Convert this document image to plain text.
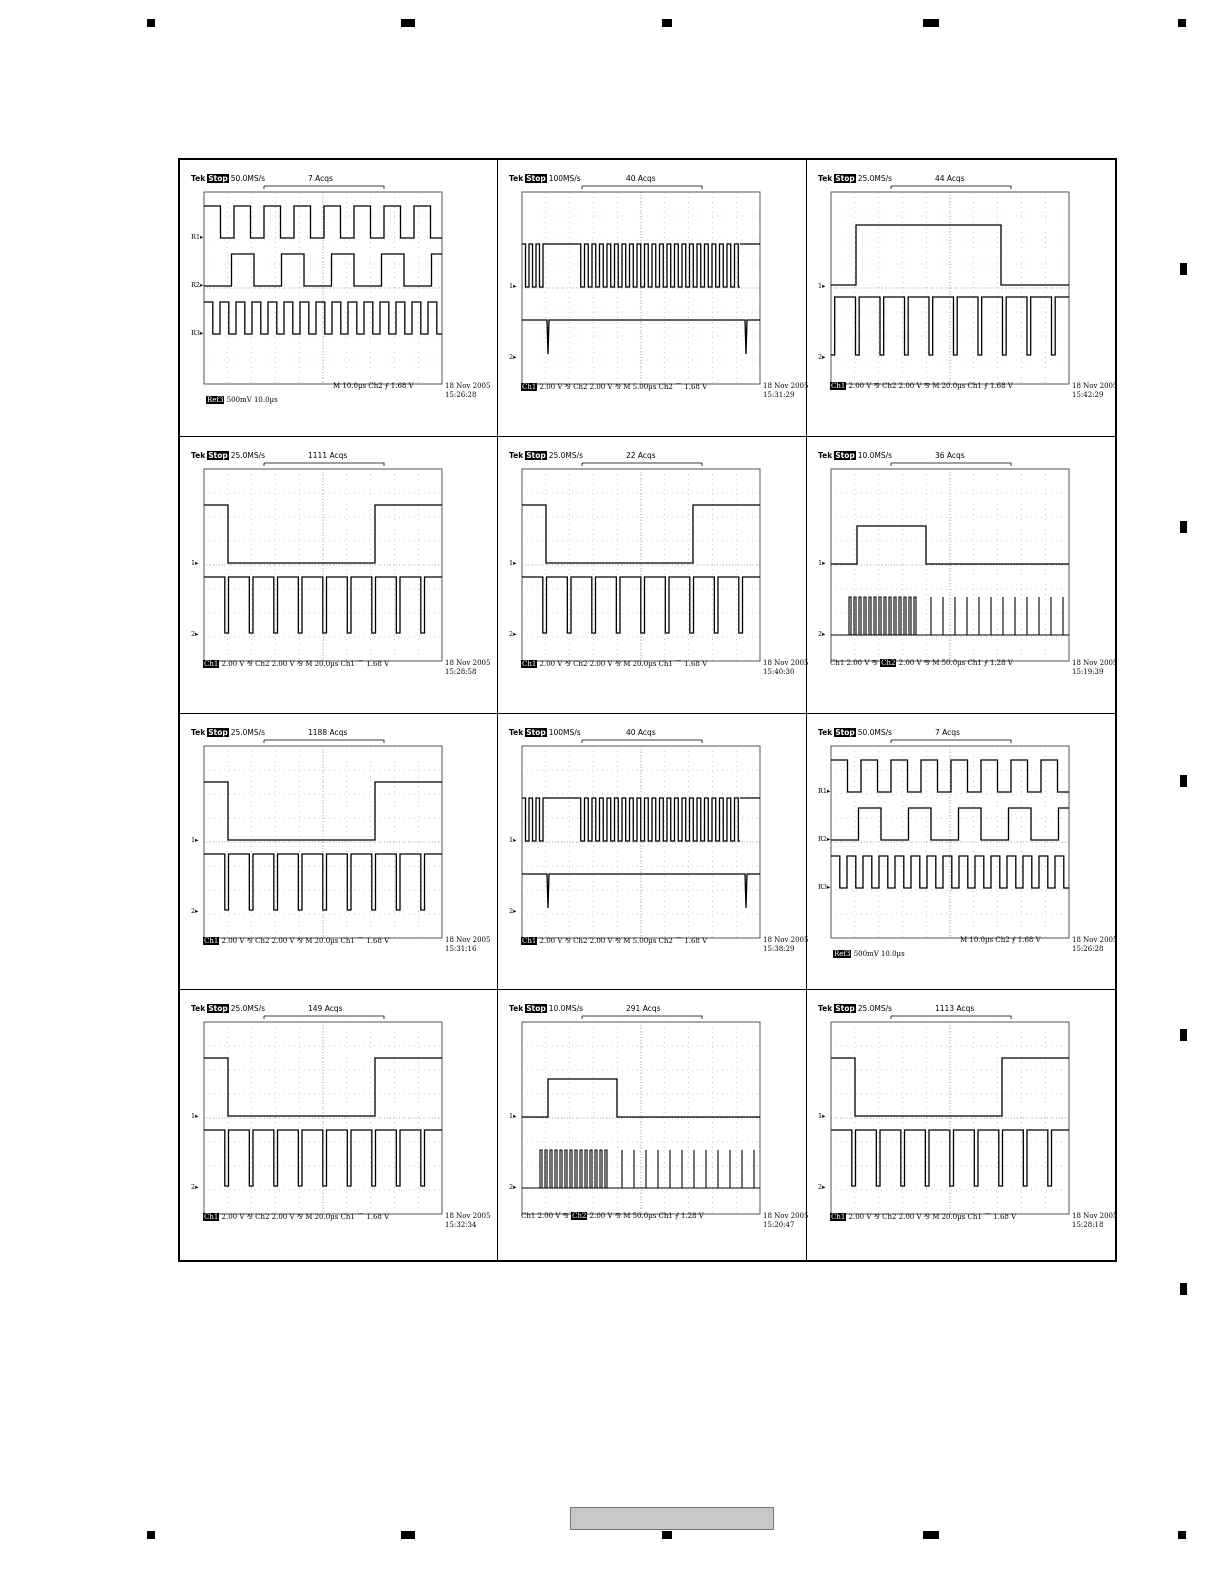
Tek Stop 50.0MS/s	7 Acqs
R1▸
R2▸
R3▸
M 10.0µs Ch2 ⨍ 1.68 V
Ref3 500mV 10.0µs
18 Nov 2005
15:26:28
Tek Stop 100MS/s	40 Acqs
1▸
2▸
Ch1 2.00 V ⅋ Ch2 2.00 V ⅋ M 5.00µs Ch2 ⌒ 1.68 V	18 Nov 2005
15:31:29
Tek Stop 25.0MS/s	44 Acqs
1▸
2▸
Ch1 2.00 V ⅋ Ch2 2.00 V ⅋ M 20.0µs Ch1 ⨍ 1.68 V	18 Nov 2005
15:42:29
Tek Stop 25.0MS/s	1111 Acqs
1▸
2▸
Ch1 2.00 V ⅋ Ch2 2.00 V ⅋ M 20.0µs Ch1 ⌒ 1.68 V	18 Nov 2005
15:28:58
Tek Stop 25.0MS/s	22 Acqs
1▸
2▸
Ch1 2.00 V ⅋ Ch2 2.00 V ⅋ M 20.0µs Ch1 ⌒ 1.68 V	18 Nov 2005
15:40:30
Tek Stop 10.0MS/s	36 Acqs
1▸
2▸
Ch1 2.00 V ⅋ Ch2 2.00 V ⅋ M 50.0µs Ch1 ⨍ 1.28 V	18 Nov 2005
15:19:39
Tek Stop 25.0MS/s	1188 Acqs
1▸
2▸
Ch1 2.00 V ⅋ Ch2 2.00 V ⅋ M 20.0µs Ch1 ⌒ 1.68 V	18 Nov 2005
15:31:16
Tek Stop 100MS/s	40 Acqs
1▸
2▸
Ch1 2.00 V ⅋ Ch2 2.00 V ⅋ M 5.00µs Ch2 ⌒ 1.68 V	18 Nov 2005
15:38:29
Tek Stop 50.0MS/s	7 Acqs
R1▸
R2▸
R3▸
M 10.0µs Ch2 ⨍ 1.68 V
Ref3 500mV 10.0µs
18 Nov 2005
15:26:28
Tek Stop 25.0MS/s	149 Acqs
1▸
2▸
Ch1 2.00 V ⅋ Ch2 2.00 V ⅋ M 20.0µs Ch1 ⌒ 1.68 V	18 Nov 2005
15:32:34
Tek Stop 10.0MS/s	291 Acqs
1▸
2▸
Ch1 2.00 V ⅋ Ch2 2.00 V ⅋ M 50.0µs Ch1 ⨍ 1.28 V	18 Nov 2005
15:20:47
Tek Stop 25.0MS/s	1113 Acqs
1▸
2▸
Ch1 2.00 V ⅋ Ch2 2.00 V ⅋ M 20.0µs Ch1 ⌒ 1.68 V	18 Nov 2005
15:28:18
